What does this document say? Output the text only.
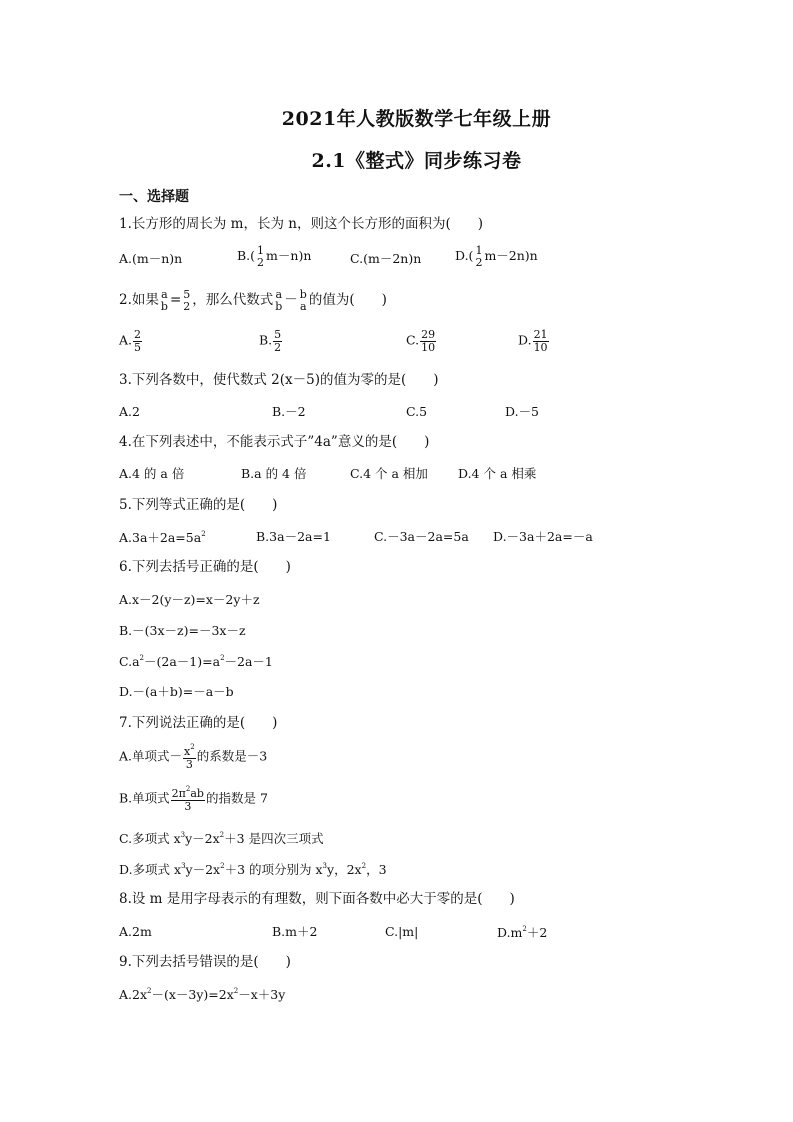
2021年人教版数学七年级上册
2.1《整式》同步练习卷
一、选择题
1.长方形的周长为 m，长为 n，则这个长方形的面积为(　　)
A.(m－n)n	B.( 1
2 m－n)n	C.(m－2n)n	D.( 1
2 m－2n)n
2.如果 a
b = 5
2 ，那么代数式 a
b － b
a 的值为(　　)
A. $\frac{2}{5}$	B. $\frac{5}{2}$	C. $\frac{29}{10}$	D. $\frac{21}{10}$
3.下列各数中，使代数式 2(x－5)的值为零的是(　　)
A.2	B.－2	C.5	D.－5
4.在下列表述中，不能表示式子”4a”意义的是(　　)
A.4 的 a 倍	B.a 的 4 倍	C.4 个 a 相加 D.4 个 a 相乘
5.下列等式正确的是(　　)
$A.3a+2a=5a^2$	B.3a－2a=1	C.－3a－2a=5a D.－3a＋2a=－a
6.下列去括号正确的是(　　)
A.x－2(y－z)=x－2y＋z
B.－(3x－z)=－3x－z
$C.a^2-(2a-1)=a^2-2a-1$
D.－(a＋b)=－a－b
7.下列说法正确的是(　　)
A.单项式－ $\frac{x^2}{3}$ 的系数是－3
B.单项式 $\frac{2\pi^2ab}{3}$ 的指数是 7
C.多项式 $x^3y-2x^2+3$ 是四次三项式
D.多项式 $x^3y-2x^2+3$ 的项分别为 $x^3y$，$2x^2$，3
8.设 m 是用字母表示的有理数，则下面各数中必大于零的是(　　)
A.2m	B.m＋2	C.|m|	$D.m^2+2$
9.下列去括号错误的是(　　)
$A.2x^2-(x-3y)=2x^2-x+3y$
